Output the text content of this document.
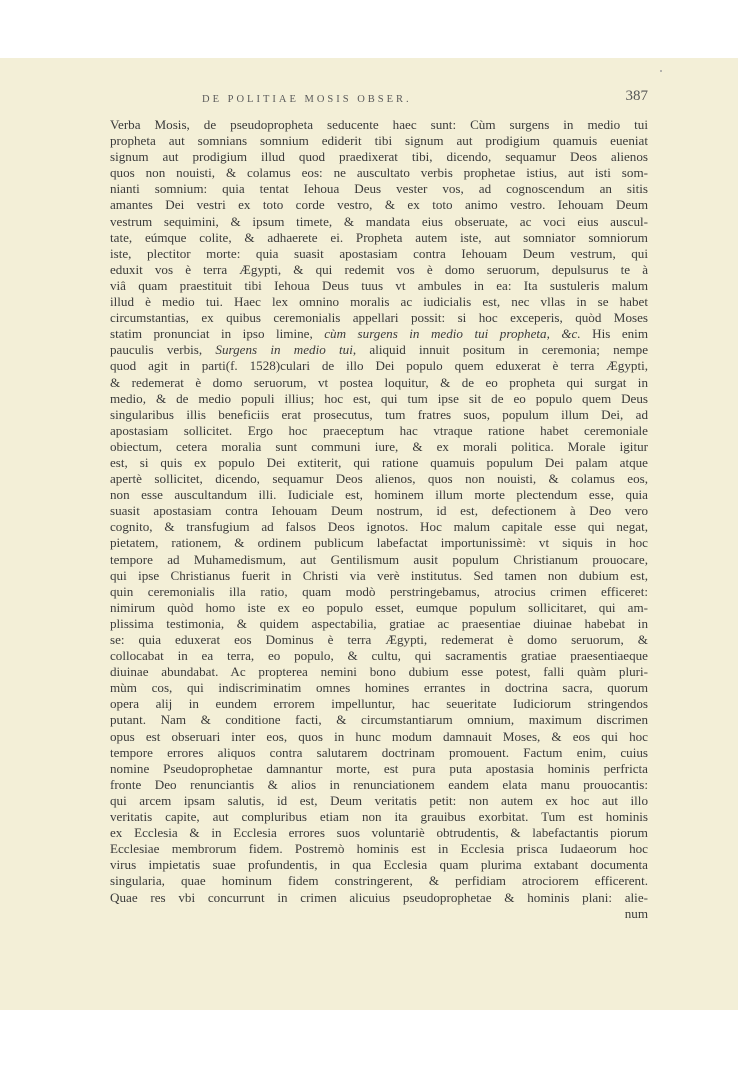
DE POLITIAE MOSIS OBSER.	387
Verba Mosis, de pseudopropheta seducente haec sunt: Cùm surgens in medio tui
propheta aut somnians somnium ediderit tibi signum aut prodigium quamuis eueniat
signum aut prodigium illud quod praedixerat tibi, dicendo, sequamur Deos alienos
quos non nouisti, & colamus eos: ne auscultato verbis prophetae istius, aut isti som-
nianti somnium: quia tentat Iehoua Deus vester vos, ad cognoscendum an sitis
amantes Dei vestri ex toto corde vestro, & ex toto animo vestro. Iehouam Deum
vestrum sequimini, & ipsum timete, & mandata eius obseruate, ac voci eius auscul-
tate, eúmque colite, & adhaerete ei. Propheta autem iste, aut somniator somniorum
iste, plectitor morte: quia suasit apostasiam contra Iehouam Deum vestrum, qui
eduxit vos è terra Ægypti, & qui redemit vos è domo seruorum, depulsurus te à
viâ quam praestituit tibi Iehoua Deus tuus vt ambules in ea: Ita sustuleris malum
illud è medio tui. Haec lex omnino moralis ac iudicialis est, nec vllas in se habet
circumstantias, ex quibus ceremonialis appellari possit: si hoc exceperis, quòd Moses
statim pronunciat in ipso limine, cùm surgens in medio tui propheta, &c. His enim
pauculis verbis, Surgens in medio tui, aliquid innuit positum in ceremonia; nempe
quod agit in parti(f. 1528)culari de illo Dei populo quem eduxerat è terra Ægypti,
& redemerat è domo seruorum, vt postea loquitur, & de eo propheta qui surgat in
medio, & de medio populi illius; hoc est, qui tum ipse sit de eo populo quem Deus
singularibus illis beneficiis erat prosecutus, tum fratres suos, populum illum Dei, ad
apostasiam sollicitet. Ergo hoc praeceptum hac vtraque ratione habet ceremoniale
obiectum, cetera moralia sunt communi iure, & ex morali politica. Morale igitur
est, si quis ex populo Dei extiterit, qui ratione quamuis populum Dei palam atque
apertè sollicitet, dicendo, sequamur Deos alienos, quos non nouisti, & colamus eos,
non esse auscultandum illi. Iudiciale est, hominem illum morte plectendum esse, quia
suasit apostasiam contra Iehouam Deum nostrum, id est, defectionem à Deo vero
cognito, & transfugium ad falsos Deos ignotos. Hoc malum capitale esse qui negat,
pietatem, rationem, & ordinem publicum labefactat importunissimè: vt siquis in hoc
tempore ad Muhamedismum, aut Gentilismum ausit populum Christianum prouocare,
qui ipse Christianus fuerit in Christi via verè institutus. Sed tamen non dubium est,
quin ceremonialis illa ratio, quam modò perstringebamus, atrocius crimen efficeret:
nimirum quòd homo iste ex eo populo esset, eumque populum sollicitaret, qui am-
plissima testimonia, & quidem aspectabilia, gratiae ac praesentiae diuinae habebat in
se: quia eduxerat eos Dominus è terra Ægypti, redemerat è domo seruorum, &
collocabat in ea terra, eo populo, & cultu, qui sacramentis gratiae praesentiaeque
diuinae abundabat. Ac propterea nemini bono dubium esse potest, falli quàm pluri-
mùm cos, qui indiscriminatim omnes homines errantes in doctrina sacra, quorum
opera alij in eundem errorem impelluntur, hac seueritate Iudiciorum stringendos
putant. Nam & conditione facti, & circumstantiarum omnium, maximum discrimen
opus est obseruari inter eos, quos in hunc modum damnauit Moses, & eos qui hoc
tempore errores aliquos contra salutarem doctrinam promouent. Factum enim, cuius
nomine Pseudoprophetae damnantur morte, est pura puta apostasia hominis perfricta
fronte Deo renunciantis & alios in renunciationem eandem elata manu prouocantis:
qui arcem ipsam salutis, id est, Deum veritatis petit: non autem ex hoc aut illo
veritatis capite, aut compluribus etiam non ita grauibus exorbitat. Tum est hominis
ex Ecclesia & in Ecclesia errores suos voluntariè obtrudentis, & labefactantis piorum
Ecclesiae membrorum fidem. Postremò hominis est in Ecclesia prisca Iudaeorum hoc
virus impietatis suae profundentis, in qua Ecclesia quam plurima extabant documenta
singularia, quae hominum fidem constringerent, & perfidiam atrociorem efficerent.
Quae res vbi concurrunt in crimen alicuius pseudoprophetae & hominis plani: alie-
num
